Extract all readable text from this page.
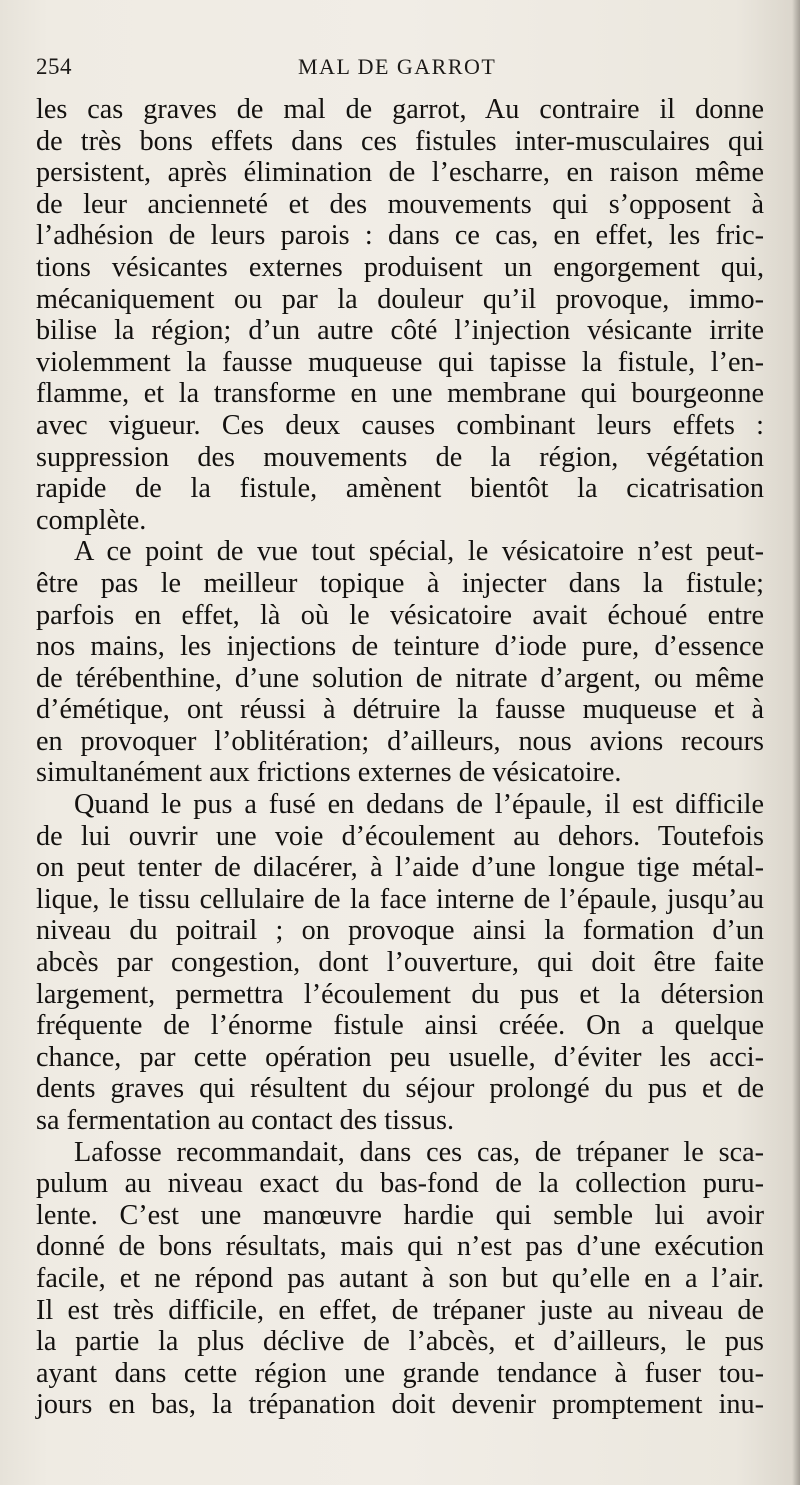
254	MAL DE GARROT
les cas graves de mal de garrot, Au contraire il donne
de très bons effets dans ces fistules inter-musculaires qui
persistent, après élimination de l’escharre, en raison même
de leur ancienneté et des mouvements qui s’opposent à
l’adhésion de leurs parois : dans ce cas, en effet, les fric-
tions vésicantes externes produisent un engorgement qui,
mécaniquement ou par la douleur qu’il provoque, immo-
bilise la région; d’un autre côté l’injection vésicante irrite
violemment la fausse muqueuse qui tapisse la fistule, l’en-
flamme, et la transforme en une membrane qui bourgeonne
avec vigueur. Ces deux causes combinant leurs effets :
suppression des mouvements de la région, végétation
rapide de la fistule, amènent bientôt la cicatrisation
complète.
A ce point de vue tout spécial, le vésicatoire n’est peut-
être pas le meilleur topique à injecter dans la fistule;
parfois en effet, là où le vésicatoire avait échoué entre
nos mains, les injections de teinture d’iode pure, d’essence
de térébenthine, d’une solution de nitrate d’argent, ou même
d’émétique, ont réussi à détruire la fausse muqueuse et à
en provoquer l’oblitération; d’ailleurs, nous avions recours
simultanément aux frictions externes de vésicatoire.
Quand le pus a fusé en dedans de l’épaule, il est difficile
de lui ouvrir une voie d’écoulement au dehors. Toutefois
on peut tenter de dilacérer, à l’aide d’une longue tige métal-
lique, le tissu cellulaire de la face interne de l’épaule, jusqu’au
niveau du poitrail ; on provoque ainsi la formation d’un
abcès par congestion, dont l’ouverture, qui doit être faite
largement, permettra l’écoulement du pus et la détersion
fréquente de l’énorme fistule ainsi créée. On a quelque
chance, par cette opération peu usuelle, d’éviter les acci-
dents graves qui résultent du séjour prolongé du pus et de
sa fermentation au contact des tissus.
Lafosse recommandait, dans ces cas, de trépaner le sca-
pulum au niveau exact du bas-fond de la collection puru-
lente. C’est une manœuvre hardie qui semble lui avoir
donné de bons résultats, mais qui n’est pas d’une exécution
facile, et ne répond pas autant à son but qu’elle en a l’air.
Il est très difficile, en effet, de trépaner juste au niveau de
la partie la plus déclive de l’abcès, et d’ailleurs, le pus
ayant dans cette région une grande tendance à fuser tou-
jours en bas, la trépanation doit devenir promptement inu-
